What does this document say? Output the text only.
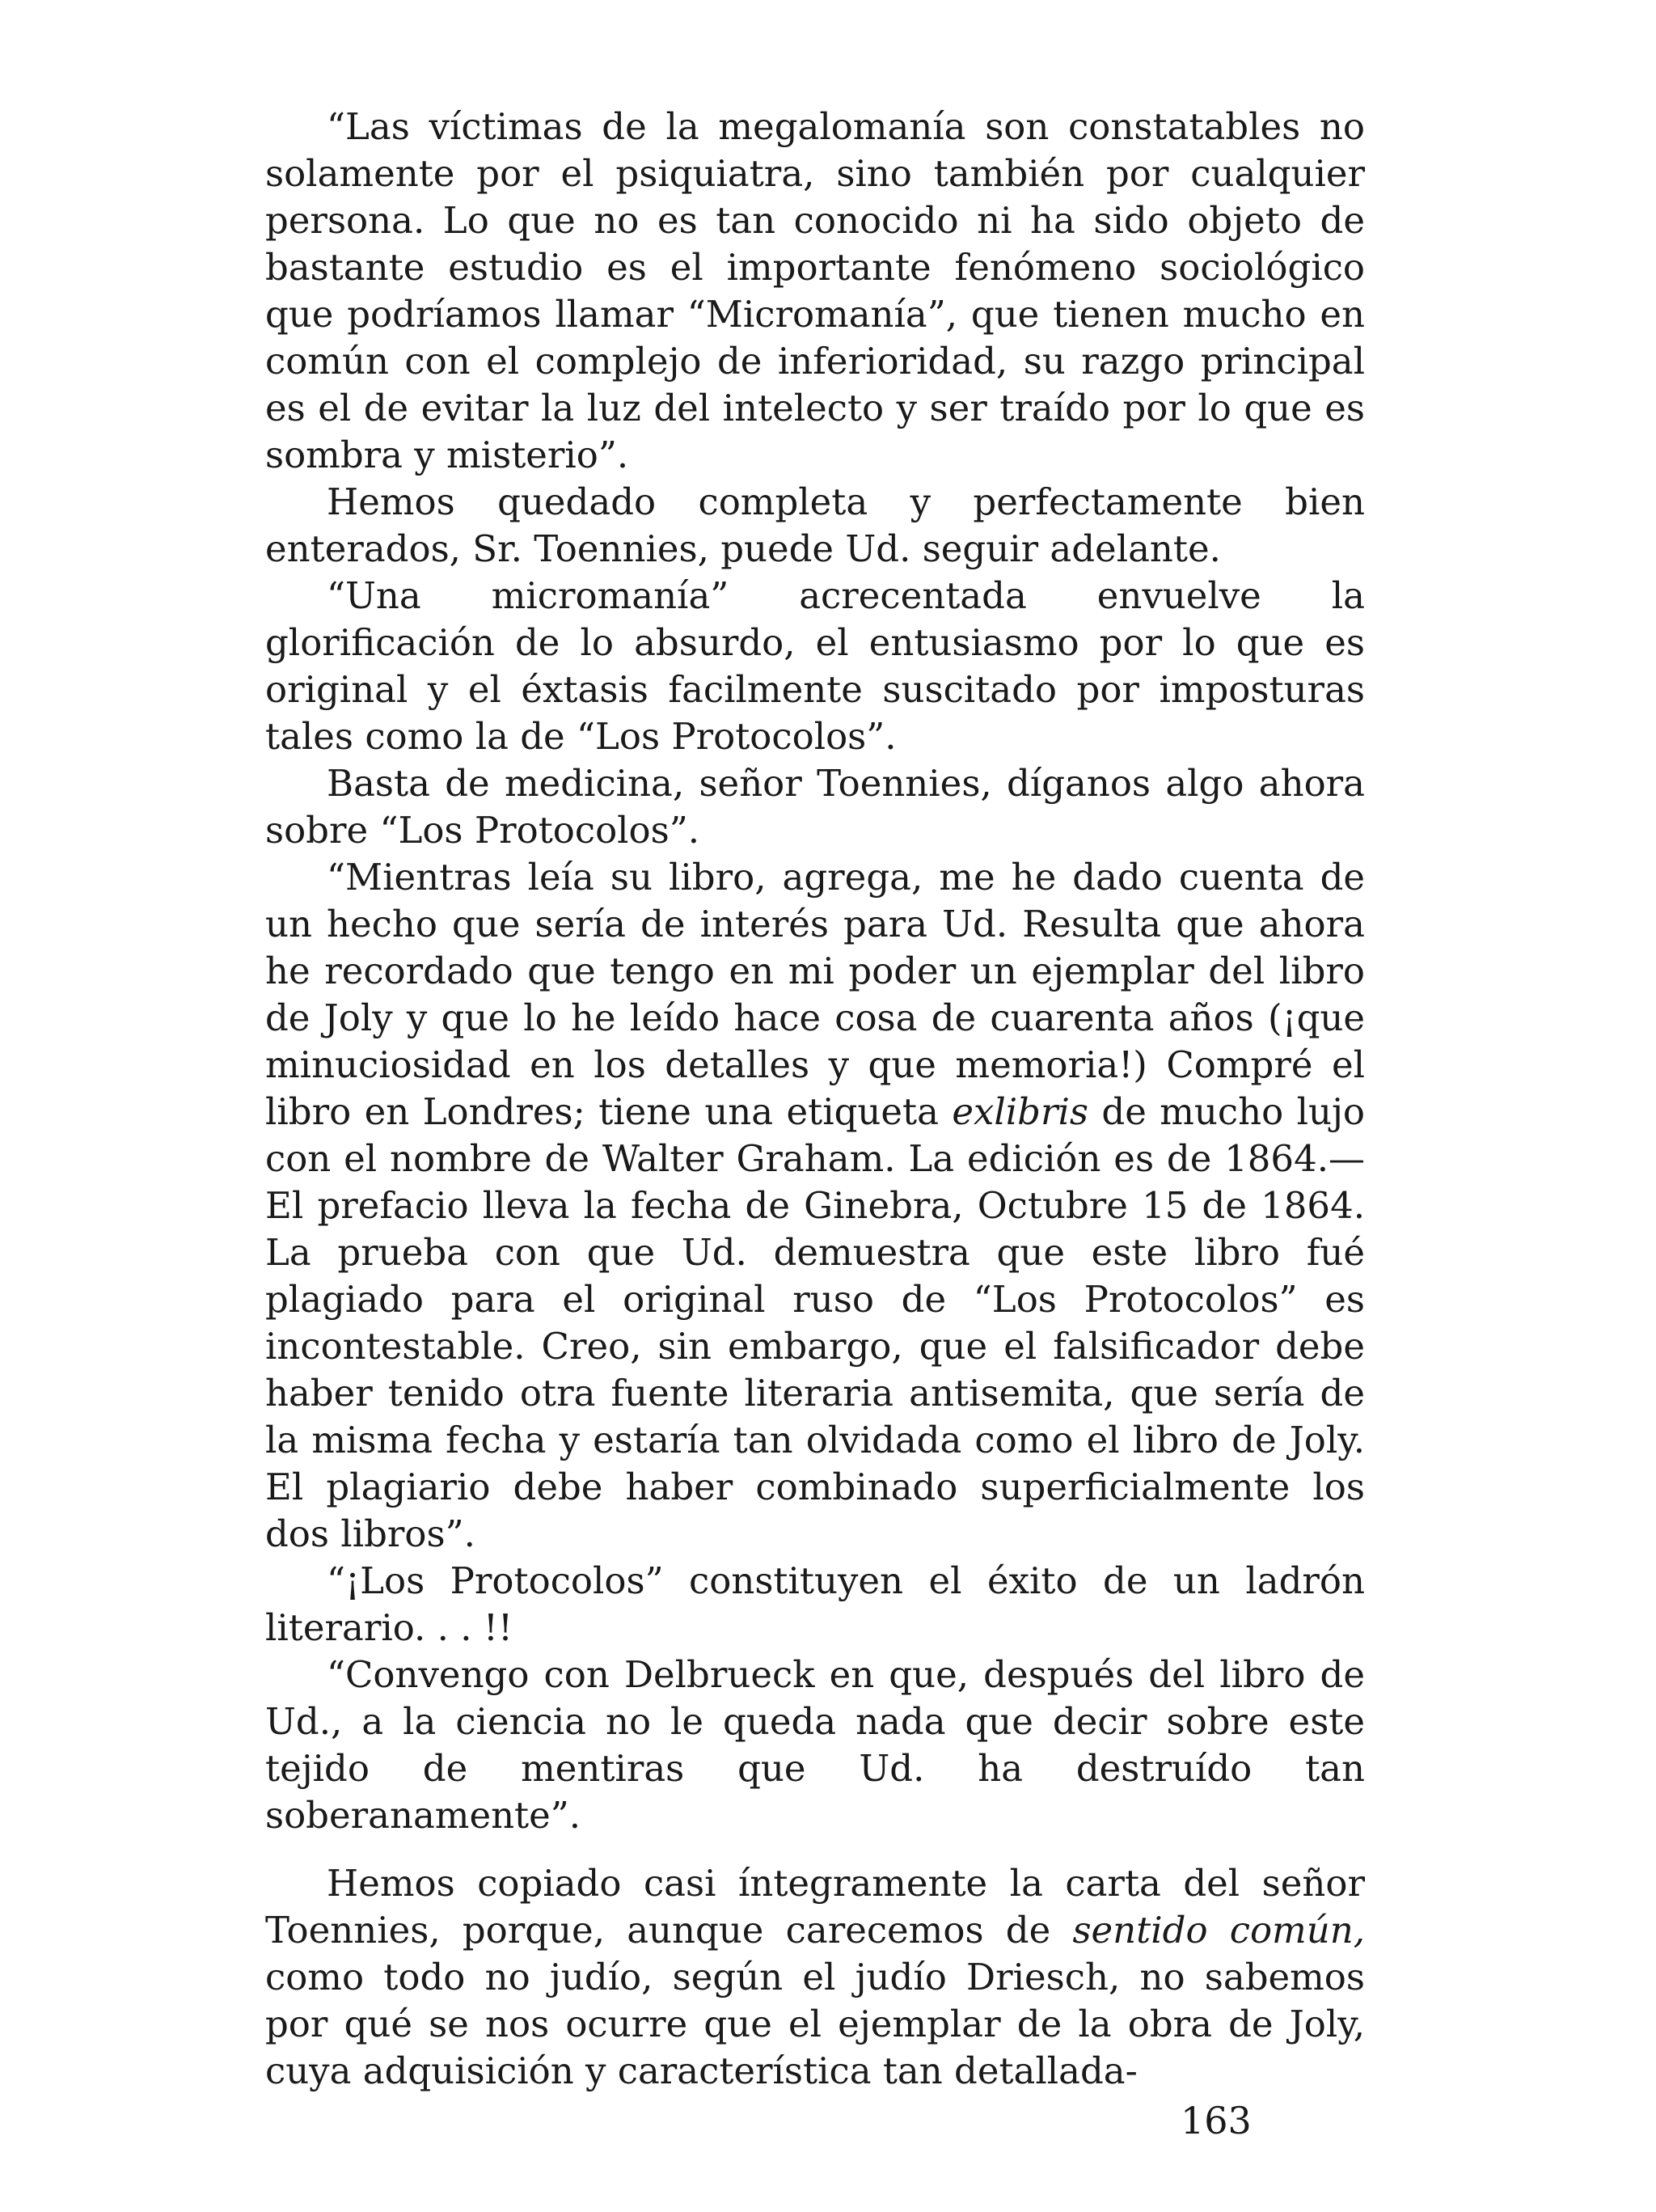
“Las víctimas de la megalomanía son constatables no solamente por el psiquiatra, sino también por cualquier persona. Lo que no es tan conocido ni ha sido objeto de bastante estudio es el importante fenómeno sociológico que podríamos llamar “Micromanía”, que tienen mucho en común con el complejo de inferioridad, su razgo principal es el de evitar la luz del intelecto y ser traído por lo que es sombra y misterio”.

Hemos quedado completa y perfectamente bien enterados, Sr. Toennies, puede Ud. seguir adelante.

“Una micromanía” acrecentada envuelve la glorificación de lo absurdo, el entusiasmo por lo que es original y el éxtasis facilmente suscitado por imposturas tales como la de “Los Protocolos”.

Basta de medicina, señor Toennies, díganos algo ahora sobre “Los Protocolos”.

“Mientras leía su libro, agrega, me he dado cuenta de un hecho que sería de interés para Ud. Resulta que ahora he recordado que tengo en mi poder un ejemplar del libro de Joly y que lo he leído hace cosa de cuarenta años (¡que minuciosidad en los detalles y que memoria!) Compré el libro en Londres; tiene una etiqueta exlibris de mucho lujo con el nombre de Walter Graham. La edición es de 1864.—El prefacio lleva la fecha de Ginebra, Octubre 15 de 1864. La prueba con que Ud. demuestra que este libro fué plagiado para el original ruso de “Los Protocolos” es incontestable. Creo, sin embargo, que el falsificador debe haber tenido otra fuente literaria antisemita, que sería de la misma fecha y estaría tan olvidada como el libro de Joly. El plagiario debe haber combinado superficialmente los dos libros”.

“¡Los Protocolos” constituyen el éxito de un ladrón literario. . . !!

“Convengo con Delbrueck en que, después del libro de Ud., a la ciencia no le queda nada que decir sobre este tejido de mentiras que Ud. ha destruído tan soberanamente”.

Hemos copiado casi íntegramente la carta del señor Toennies, porque, aunque carecemos de sentido común, como todo no judío, según el judío Driesch, no sabemos por qué se nos ocurre que el ejemplar de la obra de Joly, cuya adquisición y característica tan detallada-

163
